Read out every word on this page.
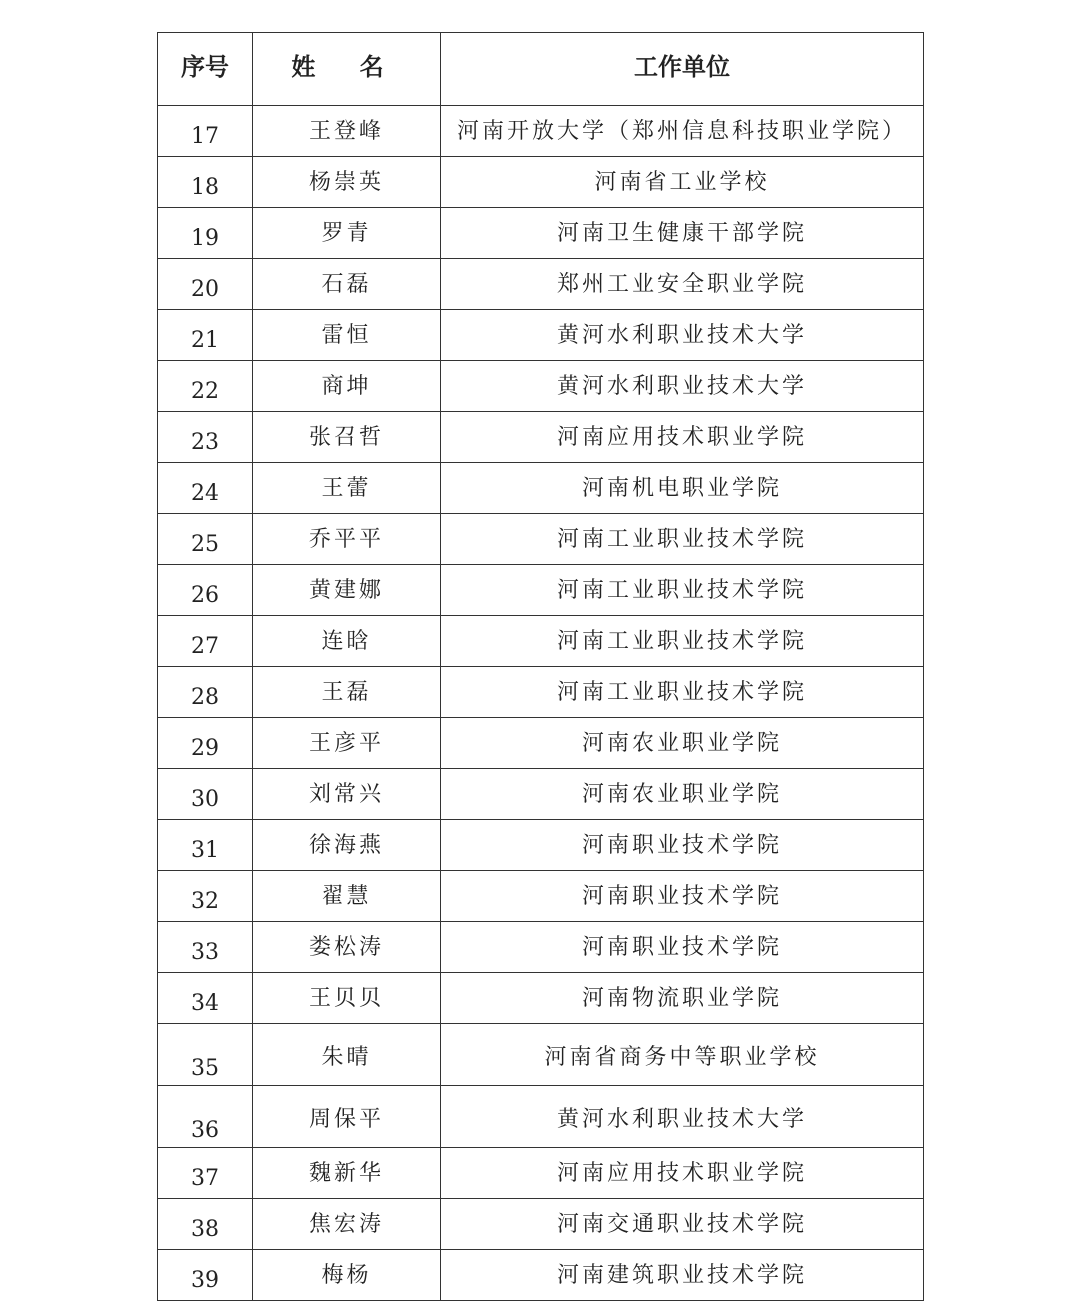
序号	姓 名	工作单位
17	王登峰	河南开放大学（郑州信息科技职业学院）
18	杨崇英	河南省工业学校
19	罗青	河南卫生健康干部学院
20	石磊	郑州工业安全职业学院
21	雷恒	黄河水利职业技术大学
22	商坤	黄河水利职业技术大学
23	张召哲	河南应用技术职业学院
24	王蕾	河南机电职业学院
25	乔平平	河南工业职业技术学院
26	黄建娜	河南工业职业技术学院
27	连晗	河南工业职业技术学院
28	王磊	河南工业职业技术学院
29	王彦平	河南农业职业学院
30	刘常兴	河南农业职业学院
31	徐海燕	河南职业技术学院
32	翟慧	河南职业技术学院
33	娄松涛	河南职业技术学院
34	王贝贝	河南物流职业学院
35	朱晴	河南省商务中等职业学校
36	周保平	黄河水利职业技术大学
37	魏新华	河南应用技术职业学院
38	焦宏涛	河南交通职业技术学院
39	梅杨	河南建筑职业技术学院
